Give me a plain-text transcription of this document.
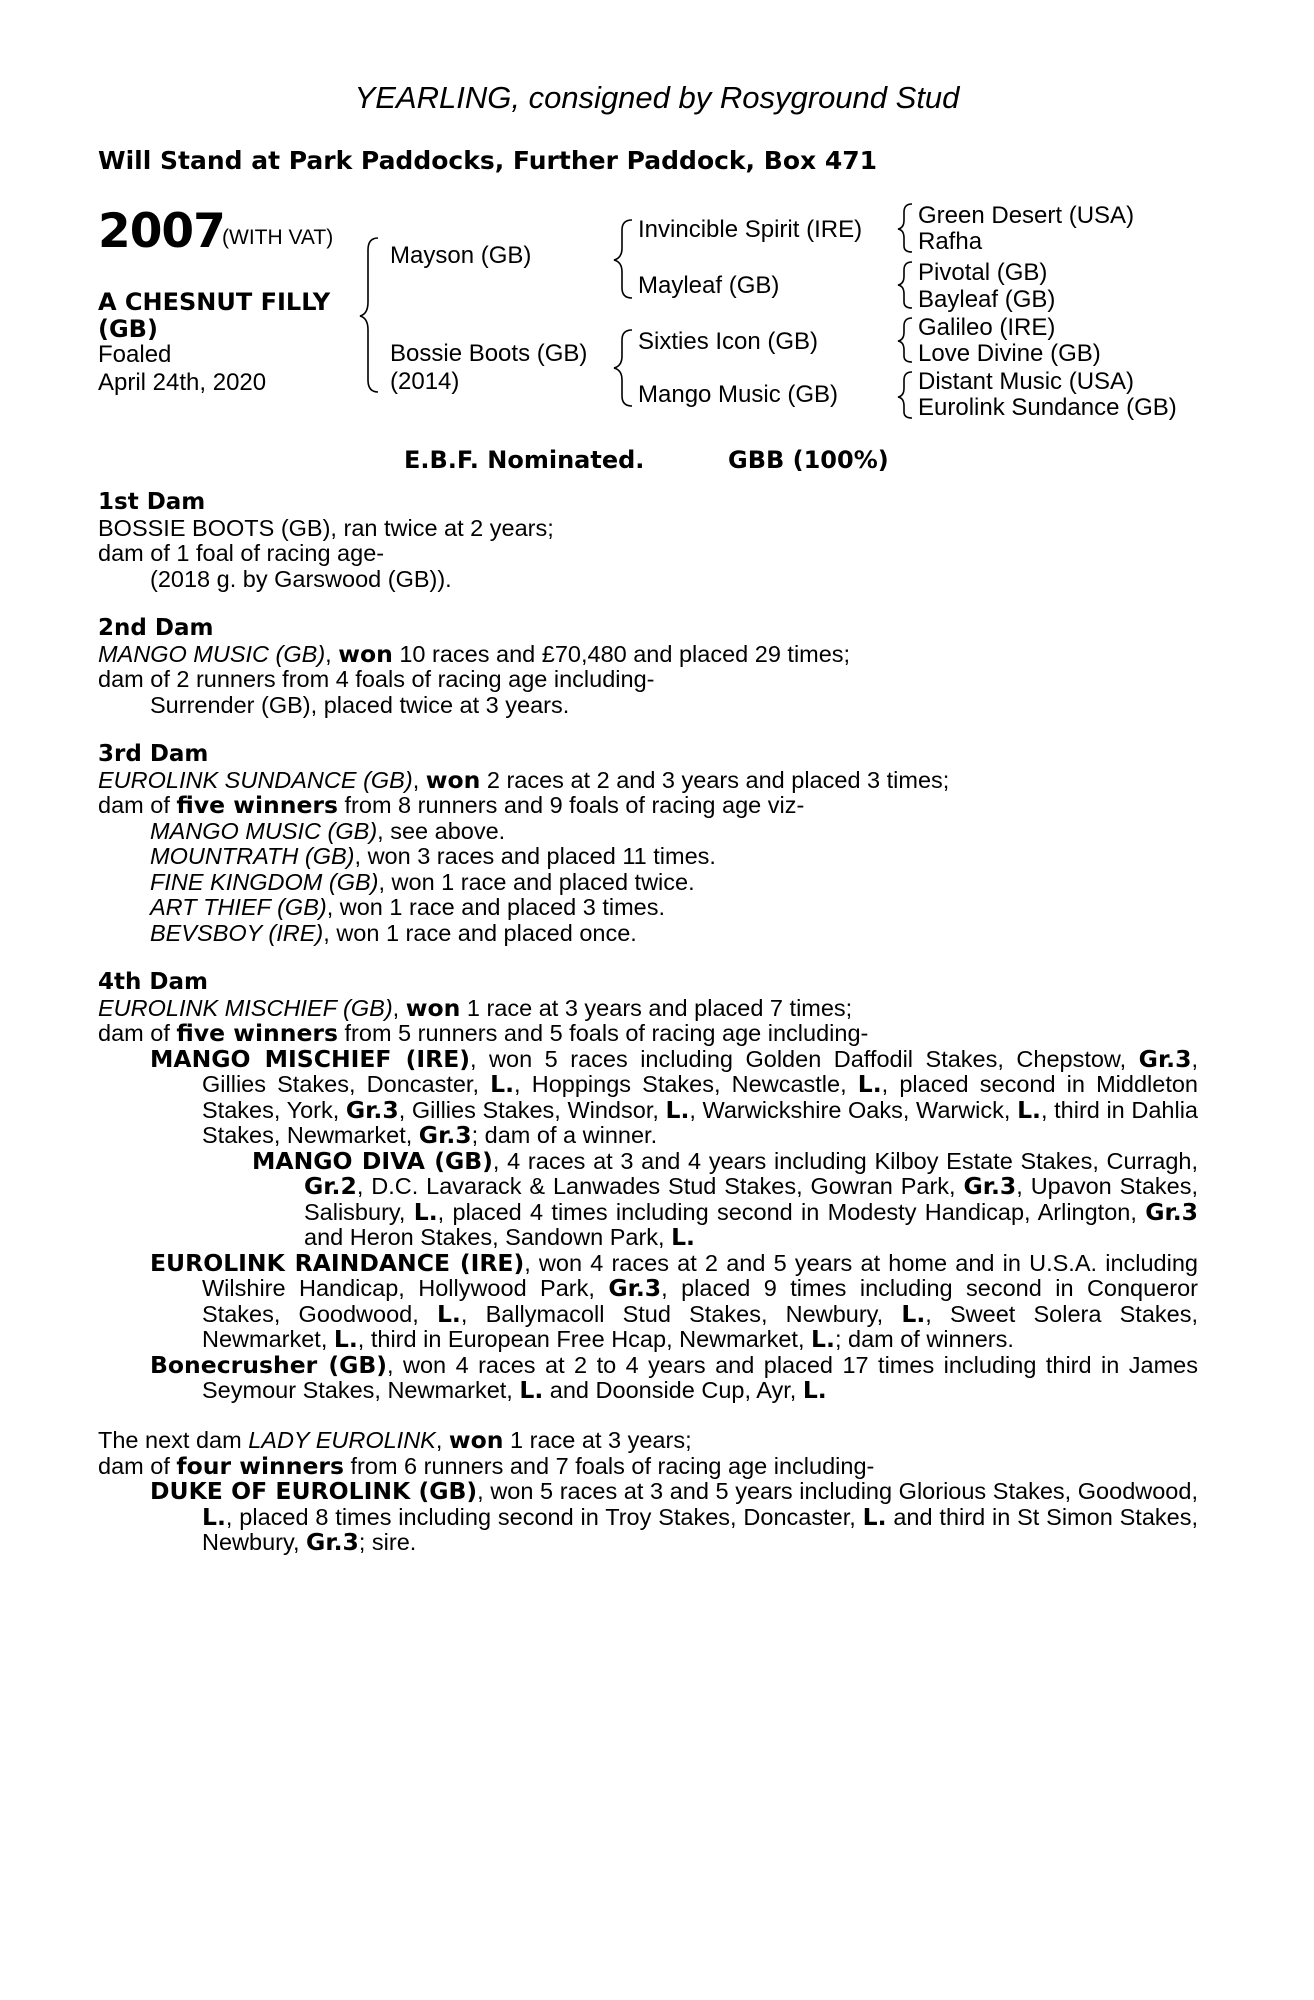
YEARLING, consigned by Rosyground Stud
Will Stand at Park Paddocks, Further Paddock, Box 471
2007
(WITH VAT)
A CHESNUT FILLY
(GB)
Foaled
April 24th, 2020
Mayson (GB)
Bossie Boots (GB)
(2014)
Invincible Spirit (IRE)
Mayleaf (GB)
Sixties Icon (GB)
Mango Music (GB)
Green Desert (USA)
Rafha
Pivotal (GB)
Bayleaf (GB)
Galileo (IRE)
Love Divine (GB)
Distant Music (USA)
Eurolink Sundance (GB)
E.B.F. Nominated.	GBB (100%)

1st Dam

BOSSIE BOOTS (GB), ran twice at 2 years;

dam of 1 foal of racing age-

(2018 g. by Garswood (GB)).

2nd Dam

MANGO MUSIC (GB), won 10 races and £70,480 and placed 29 times;

dam of 2 runners from 4 foals of racing age including-

Surrender (GB), placed twice at 3 years.

3rd Dam

EUROLINK SUNDANCE (GB), won 2 races at 2 and 3 years and placed 3 times;

dam of five winners from 8 runners and 9 foals of racing age viz-

MANGO MUSIC (GB), see above.

MOUNTRATH (GB), won 3 races and placed 11 times.

FINE KINGDOM (GB), won 1 race and placed twice.

ART THIEF (GB), won 1 race and placed 3 times.

BEVSBOY (IRE), won 1 race and placed once.

4th Dam

EUROLINK MISCHIEF (GB), won 1 race at 3 years and placed 7 times;

dam of five winners from 5 runners and 5 foals of racing age including-

MANGO MISCHIEF (IRE), won 5 races including Golden Daffodil Stakes, Chepstow, Gr.3, Gillies Stakes, Doncaster, L., Hoppings Stakes, Newcastle, L., placed second in Middleton Stakes, York, Gr.3, Gillies Stakes, Windsor, L., Warwickshire Oaks, Warwick, L., third in Dahlia Stakes, Newmarket, Gr.3; dam of a winner.

MANGO DIVA (GB), 4 races at 3 and 4 years including Kilboy Estate Stakes, Curragh, Gr.2, D.C. Lavarack & Lanwades Stud Stakes, Gowran Park, Gr.3, Upavon Stakes, Salisbury, L., placed 4 times including second in Modesty Handicap, Arlington, Gr.3 and Heron Stakes, Sandown Park, L.

EUROLINK RAINDANCE (IRE), won 4 races at 2 and 5 years at home and in U.S.A. including Wilshire Handicap, Hollywood Park, Gr.3, placed 9 times including second in Conqueror Stakes, Goodwood, L., Ballymacoll Stud Stakes, Newbury, L., Sweet Solera Stakes, Newmarket, L., third in European Free Hcap, Newmarket, L.; dam of winners.

Bonecrusher (GB), won 4 races at 2 to 4 years and placed 17 times including third in James Seymour Stakes, Newmarket, L. and Doonside Cup, Ayr, L.

The next dam LADY EUROLINK, won 1 race at 3 years;

dam of four winners from 6 runners and 7 foals of racing age including-

DUKE OF EUROLINK (GB), won 5 races at 3 and 5 years including Glorious Stakes, Goodwood, L., placed 8 times including second in Troy Stakes, Doncaster, L. and third in St Simon Stakes, Newbury, Gr.3; sire.
